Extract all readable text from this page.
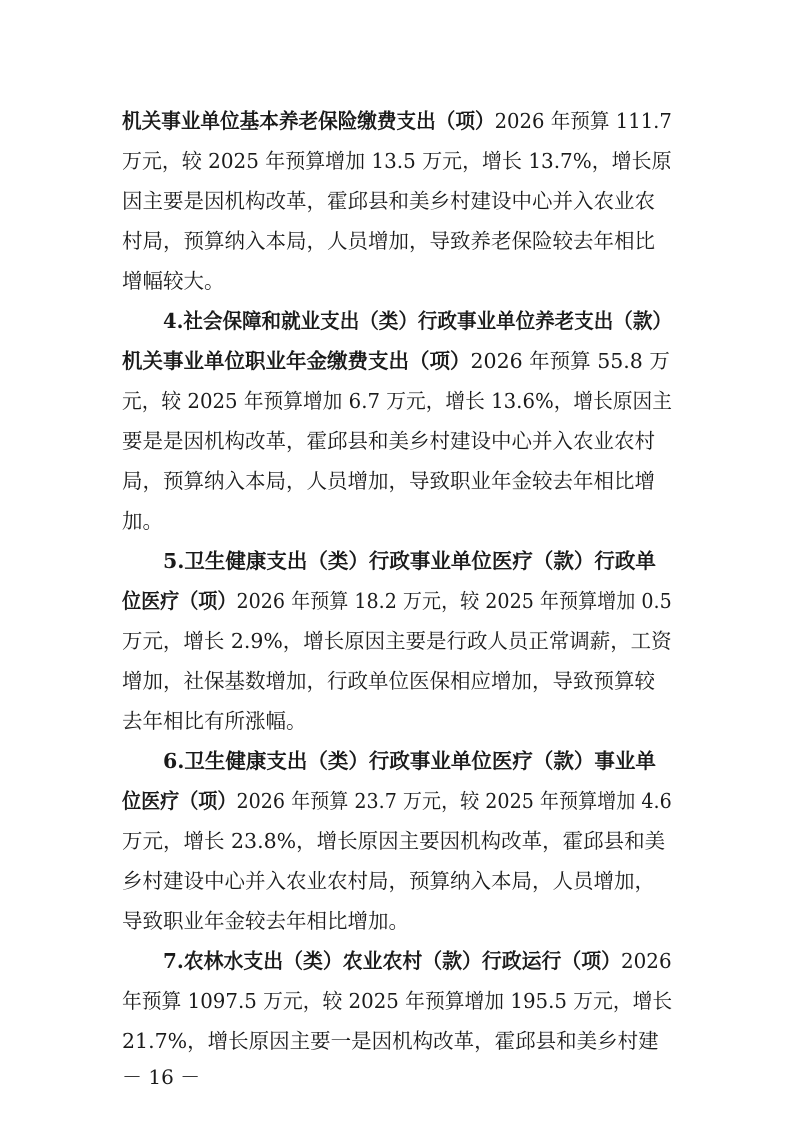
机关事业单位基本养老保险缴费支出（项）2026 年预算 111.7
万元，较 2025 年预算增加 13.5 万元，增长 13.7%，增长原
因主要是因机构改革，霍邱县和美乡村建设中心并入农业农
村局，预算纳入本局，人员增加，导致养老保险较去年相比
增幅较大。
4.社会保障和就业支出（类）行政事业单位养老支出（款）
机关事业单位职业年金缴费支出（项）2026 年预算 55.8 万
元，较 2025 年预算增加 6.7 万元，增长 13.6%，增长原因主
要是是因机构改革，霍邱县和美乡村建设中心并入农业农村
局，预算纳入本局，人员增加，导致职业年金较去年相比增
加。
5.卫生健康支出（类）行政事业单位医疗（款）行政单
位医疗（项）2026 年预算 18.2 万元，较 2025 年预算增加 0.5
万元，增长 2.9%，增长原因主要是行政人员正常调薪，工资
增加，社保基数增加，行政单位医保相应增加，导致预算较
去年相比有所涨幅。
6.卫生健康支出（类）行政事业单位医疗（款）事业单
位医疗（项）2026 年预算 23.7 万元，较 2025 年预算增加 4.6
万元，增长 23.8%，增长原因主要因机构改革，霍邱县和美
乡村建设中心并入农业农村局，预算纳入本局，人员增加，
导致职业年金较去年相比增加。
7.农林水支出（类）农业农村（款）行政运行（项）2026
年预算 1097.5 万元，较 2025 年预算增加 195.5 万元，增长
21.7%，增长原因主要一是因机构改革，霍邱县和美乡村建
－ 16 －
